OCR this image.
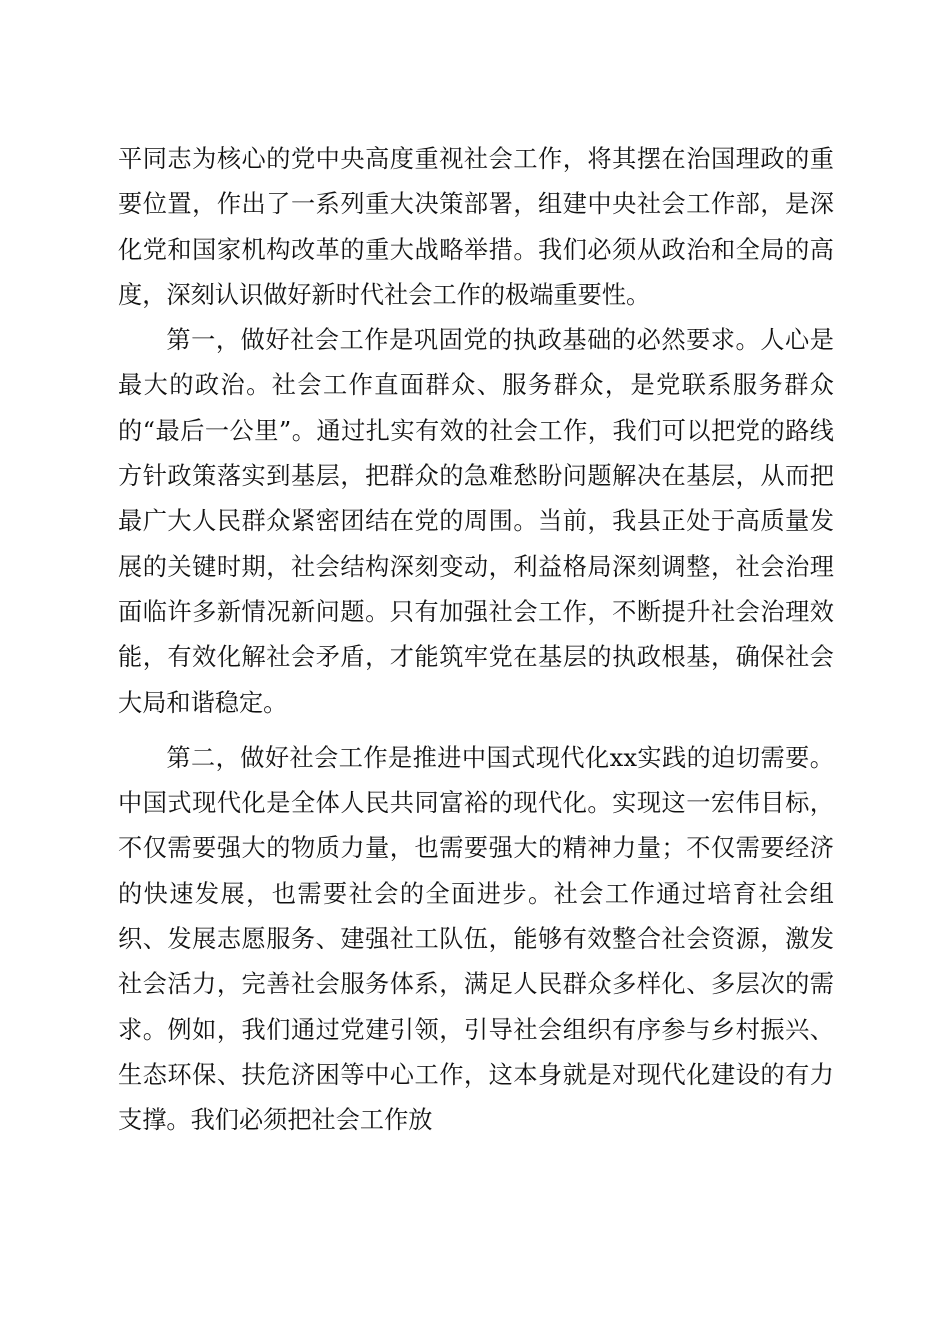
平同志为核心的党中央高度重视社会工作，将其摆在治国理政的重要位置，作出了一系列重大决策部署，组建中央社会工作部，是深化党和国家机构改革的重大战略举措。我们必须从政治和全局的高度，深刻认识做好新时代社会工作的极端重要性。

第一，做好社会工作是巩固党的执政基础的必然要求。人心是最大的政治。社会工作直面群众、服务群众，是党联系服务群众的“最后一公里”。通过扎实有效的社会工作，我们可以把党的路线方针政策落实到基层，把群众的急难愁盼问题解决在基层，从而把最广大人民群众紧密团结在党的周围。当前，我县正处于高质量发展的关键时期，社会结构深刻变动，利益格局深刻调整，社会治理面临许多新情况新问题。只有加强社会工作，不断提升社会治理效能，有效化解社会矛盾，才能筑牢党在基层的执政根基，确保社会大局和谐稳定。

第二，做好社会工作是推进中国式现代化xx实践的迫切需要。中国式现代化是全体人民共同富裕的现代化。实现这一宏伟目标，不仅需要强大的物质力量，也需要强大的精神力量；不仅需要经济的快速发展，也需要社会的全面进步。社会工作通过培育社会组织、发展志愿服务、建强社工队伍，能够有效整合社会资源，激发社会活力，完善社会服务体系，满足人民群众多样化、多层次的需求。例如，我们通过党建引领，引导社会组织有序参与乡村振兴、生态环保、扶危济困等中心工作，这本身就是对现代化建设的有力支撑。我们必须把社会工作放
